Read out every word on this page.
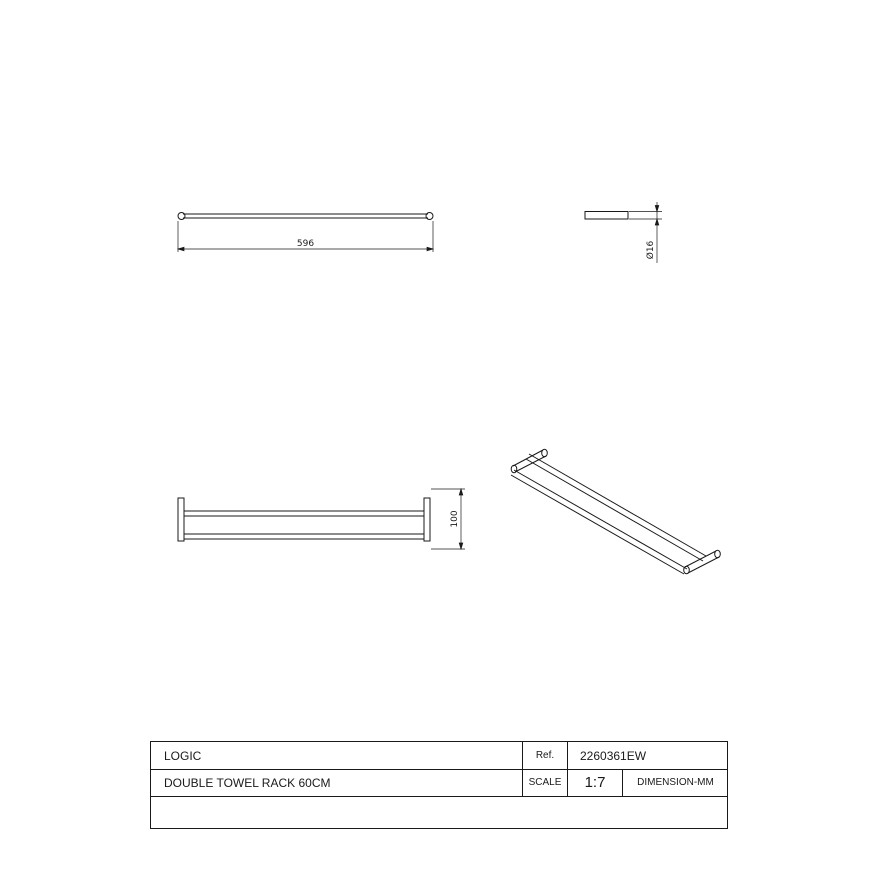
596	Ø16
100
LOGIC	Ref.	2260361EW
DOUBLE TOWEL RACK 60CM	SCALE	1:7	DIMENSION-MM
